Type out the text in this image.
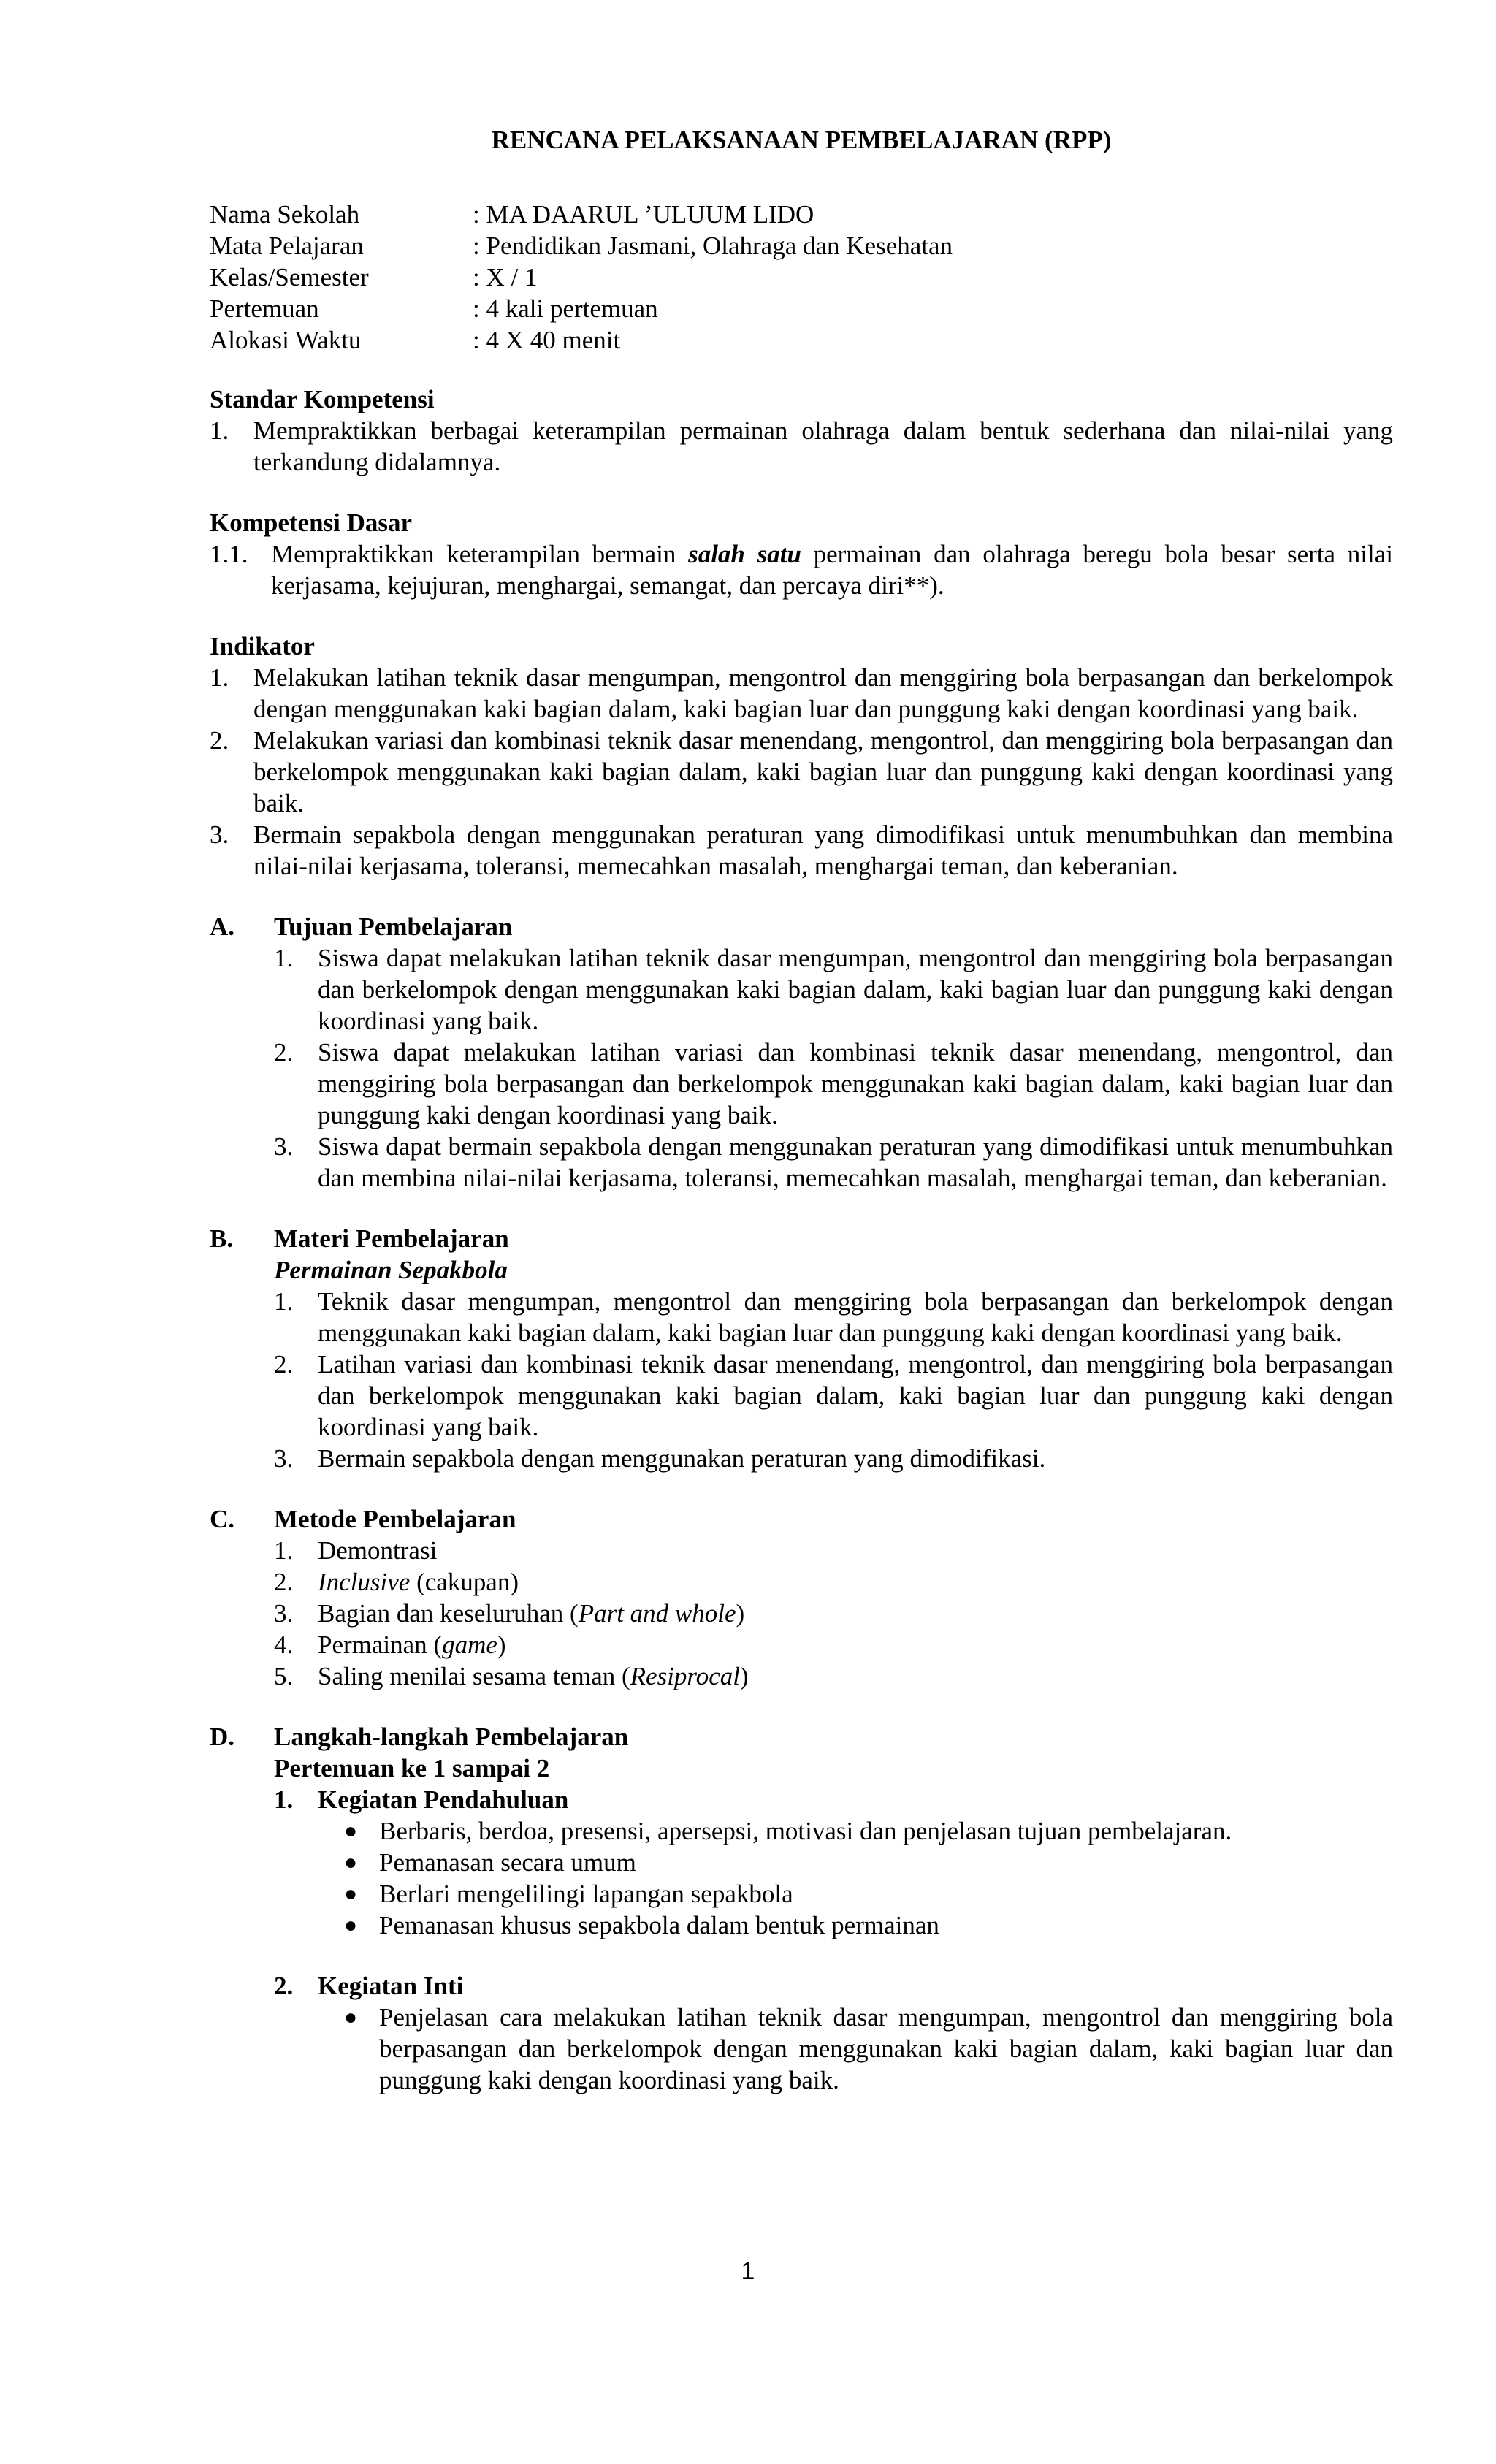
RENCANA PELAKSANAAN PEMBELAJARAN (RPP)
Nama Sekolah	: MA DAARUL ’ULUUM LIDO
Mata Pelajaran	: Pendidikan Jasmani, Olahraga dan Kesehatan
Kelas/Semester	: X / 1
Pertemuan	: 4 kali pertemuan
Alokasi Waktu	: 4 X 40 menit
Standar Kompetensi
1. Mempraktikkan berbagai keterampilan permainan olahraga dalam bentuk sederhana dan nilai-nilai yang terkandung didalamnya.
Kompetensi Dasar
1.1. Mempraktikkan keterampilan bermain salah satu permainan dan olahraga beregu bola besar serta nilai kerjasama, kejujuran, menghargai, semangat, dan percaya diri**).
Indikator
1. Melakukan latihan teknik dasar mengumpan, mengontrol dan menggiring bola berpasangan dan berkelompok dengan menggunakan kaki bagian dalam, kaki bagian luar dan punggung kaki dengan koordinasi yang baik.
2. Melakukan variasi dan kombinasi teknik dasar menendang, mengontrol, dan menggiring bola berpasangan dan berkelompok menggunakan kaki bagian dalam, kaki bagian luar dan punggung kaki dengan koordinasi yang baik.
3. Bermain sepakbola dengan menggunakan peraturan yang dimodifikasi untuk menumbuhkan dan membina nilai-nilai kerjasama, toleransi, memecahkan masalah, menghargai teman, dan keberanian.
A.	Tujuan Pembelajaran
1. Siswa dapat melakukan latihan teknik dasar mengumpan, mengontrol dan menggiring bola berpasangan dan berkelompok dengan menggunakan kaki bagian dalam, kaki bagian luar dan punggung kaki dengan koordinasi yang baik.
2. Siswa dapat melakukan latihan variasi dan kombinasi teknik dasar menendang, mengontrol, dan menggiring bola berpasangan dan berkelompok menggunakan kaki bagian dalam, kaki bagian luar dan punggung kaki dengan koordinasi yang baik.
3. Siswa dapat bermain sepakbola dengan menggunakan peraturan yang dimodifikasi untuk menumbuhkan dan membina nilai-nilai kerjasama, toleransi, memecahkan masalah, menghargai teman, dan keberanian.
B.	Materi Pembelajaran
Permainan Sepakbola
1. Teknik dasar mengumpan, mengontrol dan menggiring bola berpasangan dan berkelompok dengan menggunakan kaki bagian dalam, kaki bagian luar dan punggung kaki dengan koordinasi yang baik.
2. Latihan variasi dan kombinasi teknik dasar menendang, mengontrol, dan menggiring bola berpasangan dan berkelompok menggunakan kaki bagian dalam, kaki bagian luar dan punggung kaki dengan koordinasi yang baik.
3. Bermain sepakbola dengan menggunakan peraturan yang dimodifikasi.
C.	Metode Pembelajaran
1. Demontrasi
2. Inclusive (cakupan)
3. Bagian dan keseluruhan (Part and whole)
4. Permainan (game)
5. Saling menilai sesama teman (Resiprocal)
D.	Langkah-langkah Pembelajaran
Pertemuan ke 1 sampai 2
1. Kegiatan Pendahuluan
● Berbaris, berdoa, presensi, apersepsi, motivasi dan penjelasan tujuan pembelajaran.
● Pemanasan secara umum
● Berlari mengelilingi lapangan sepakbola
● Pemanasan khusus sepakbola dalam bentuk permainan
2. Kegiatan Inti
● Penjelasan cara melakukan latihan teknik dasar mengumpan, mengontrol dan menggiring bola berpasangan dan berkelompok dengan menggunakan kaki bagian dalam, kaki bagian luar dan punggung kaki dengan koordinasi yang baik.
1
